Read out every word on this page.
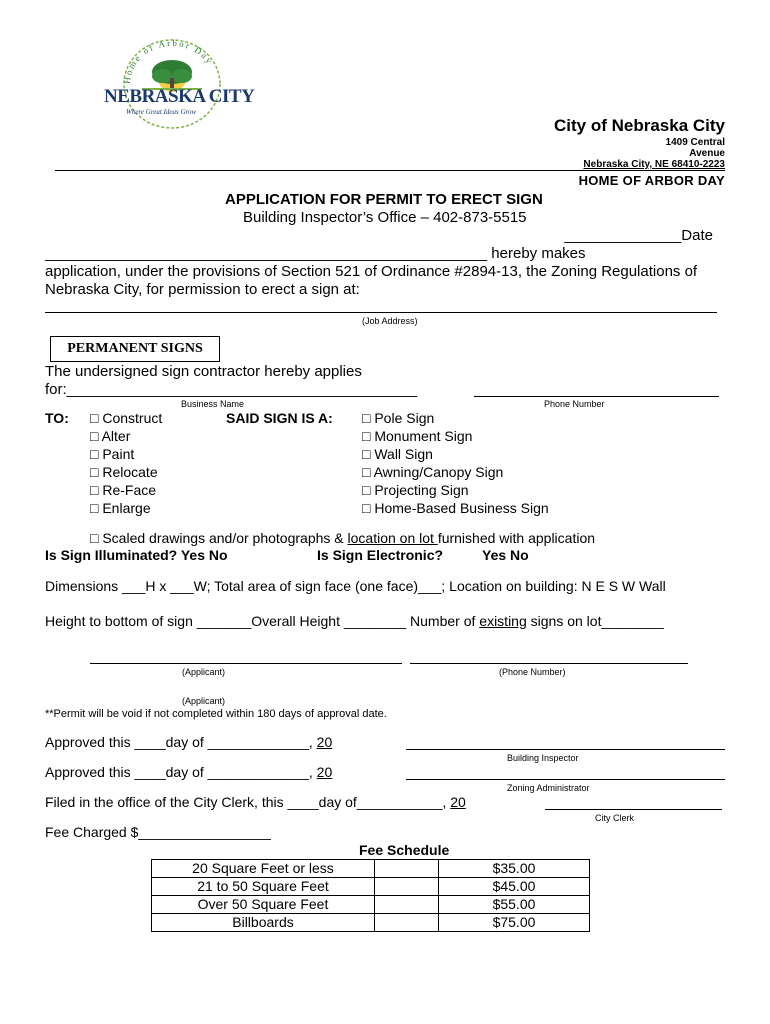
Home of Arbor Day
NEBRASKA CITY
Where Great Ideas Grow
City of Nebraska City
1409 Central
Avenue
Nebraska City, NE 68410-2223
HOME OF ARBOR DAY
APPLICATION FOR PERMIT TO ERECT SIGN
Building Inspector’s Office – 402-873-5515
______________Date
_____________________________________________________ hereby makes
application, under the provisions of Section 521 of Ordinance #2894-13, the Zoning Regulations of
Nebraska City, for permission to erect a sign at:
(Job Address)
PERMANENT SIGNS
The undersigned sign contractor hereby applies
for:__________________________________________
Business Name	Phone Number
TO: □ Construct
□ Alter
□ Paint
□ Relocate
□ Re-Face
□ Enlarge
SAID SIGN IS A: □ Pole Sign
□ Monument Sign
□ Wall Sign
□ Awning/Canopy Sign
□ Projecting Sign
□ Home-Based Business Sign
□ Scaled drawings and/or photographs & location on lot furnished with application
Is Sign Illuminated? Yes No	Is Sign Electronic?	Yes No
Dimensions ___H x ___W; Total area of sign face (one face)___; Location on building: N E S W Wall
Height to bottom of sign _______Overall Height ________ Number of existing signs on lot________
(Applicant)	(Phone Number)
(Applicant)
**Permit will be void if not completed within 180 days of approval date.
Approved this ____day of _____________, 20
Building Inspector
Approved this ____day of _____________, 20
Zoning Administrator
Filed in the office of the City Clerk, this ____day of___________, 20
City Clerk
Fee Charged $_________________
Fee Schedule
20 Square Feet or less		$35.00
21 to 50 Square Feet		$45.00
Over 50 Square Feet		$55.00
Billboards		$75.00
